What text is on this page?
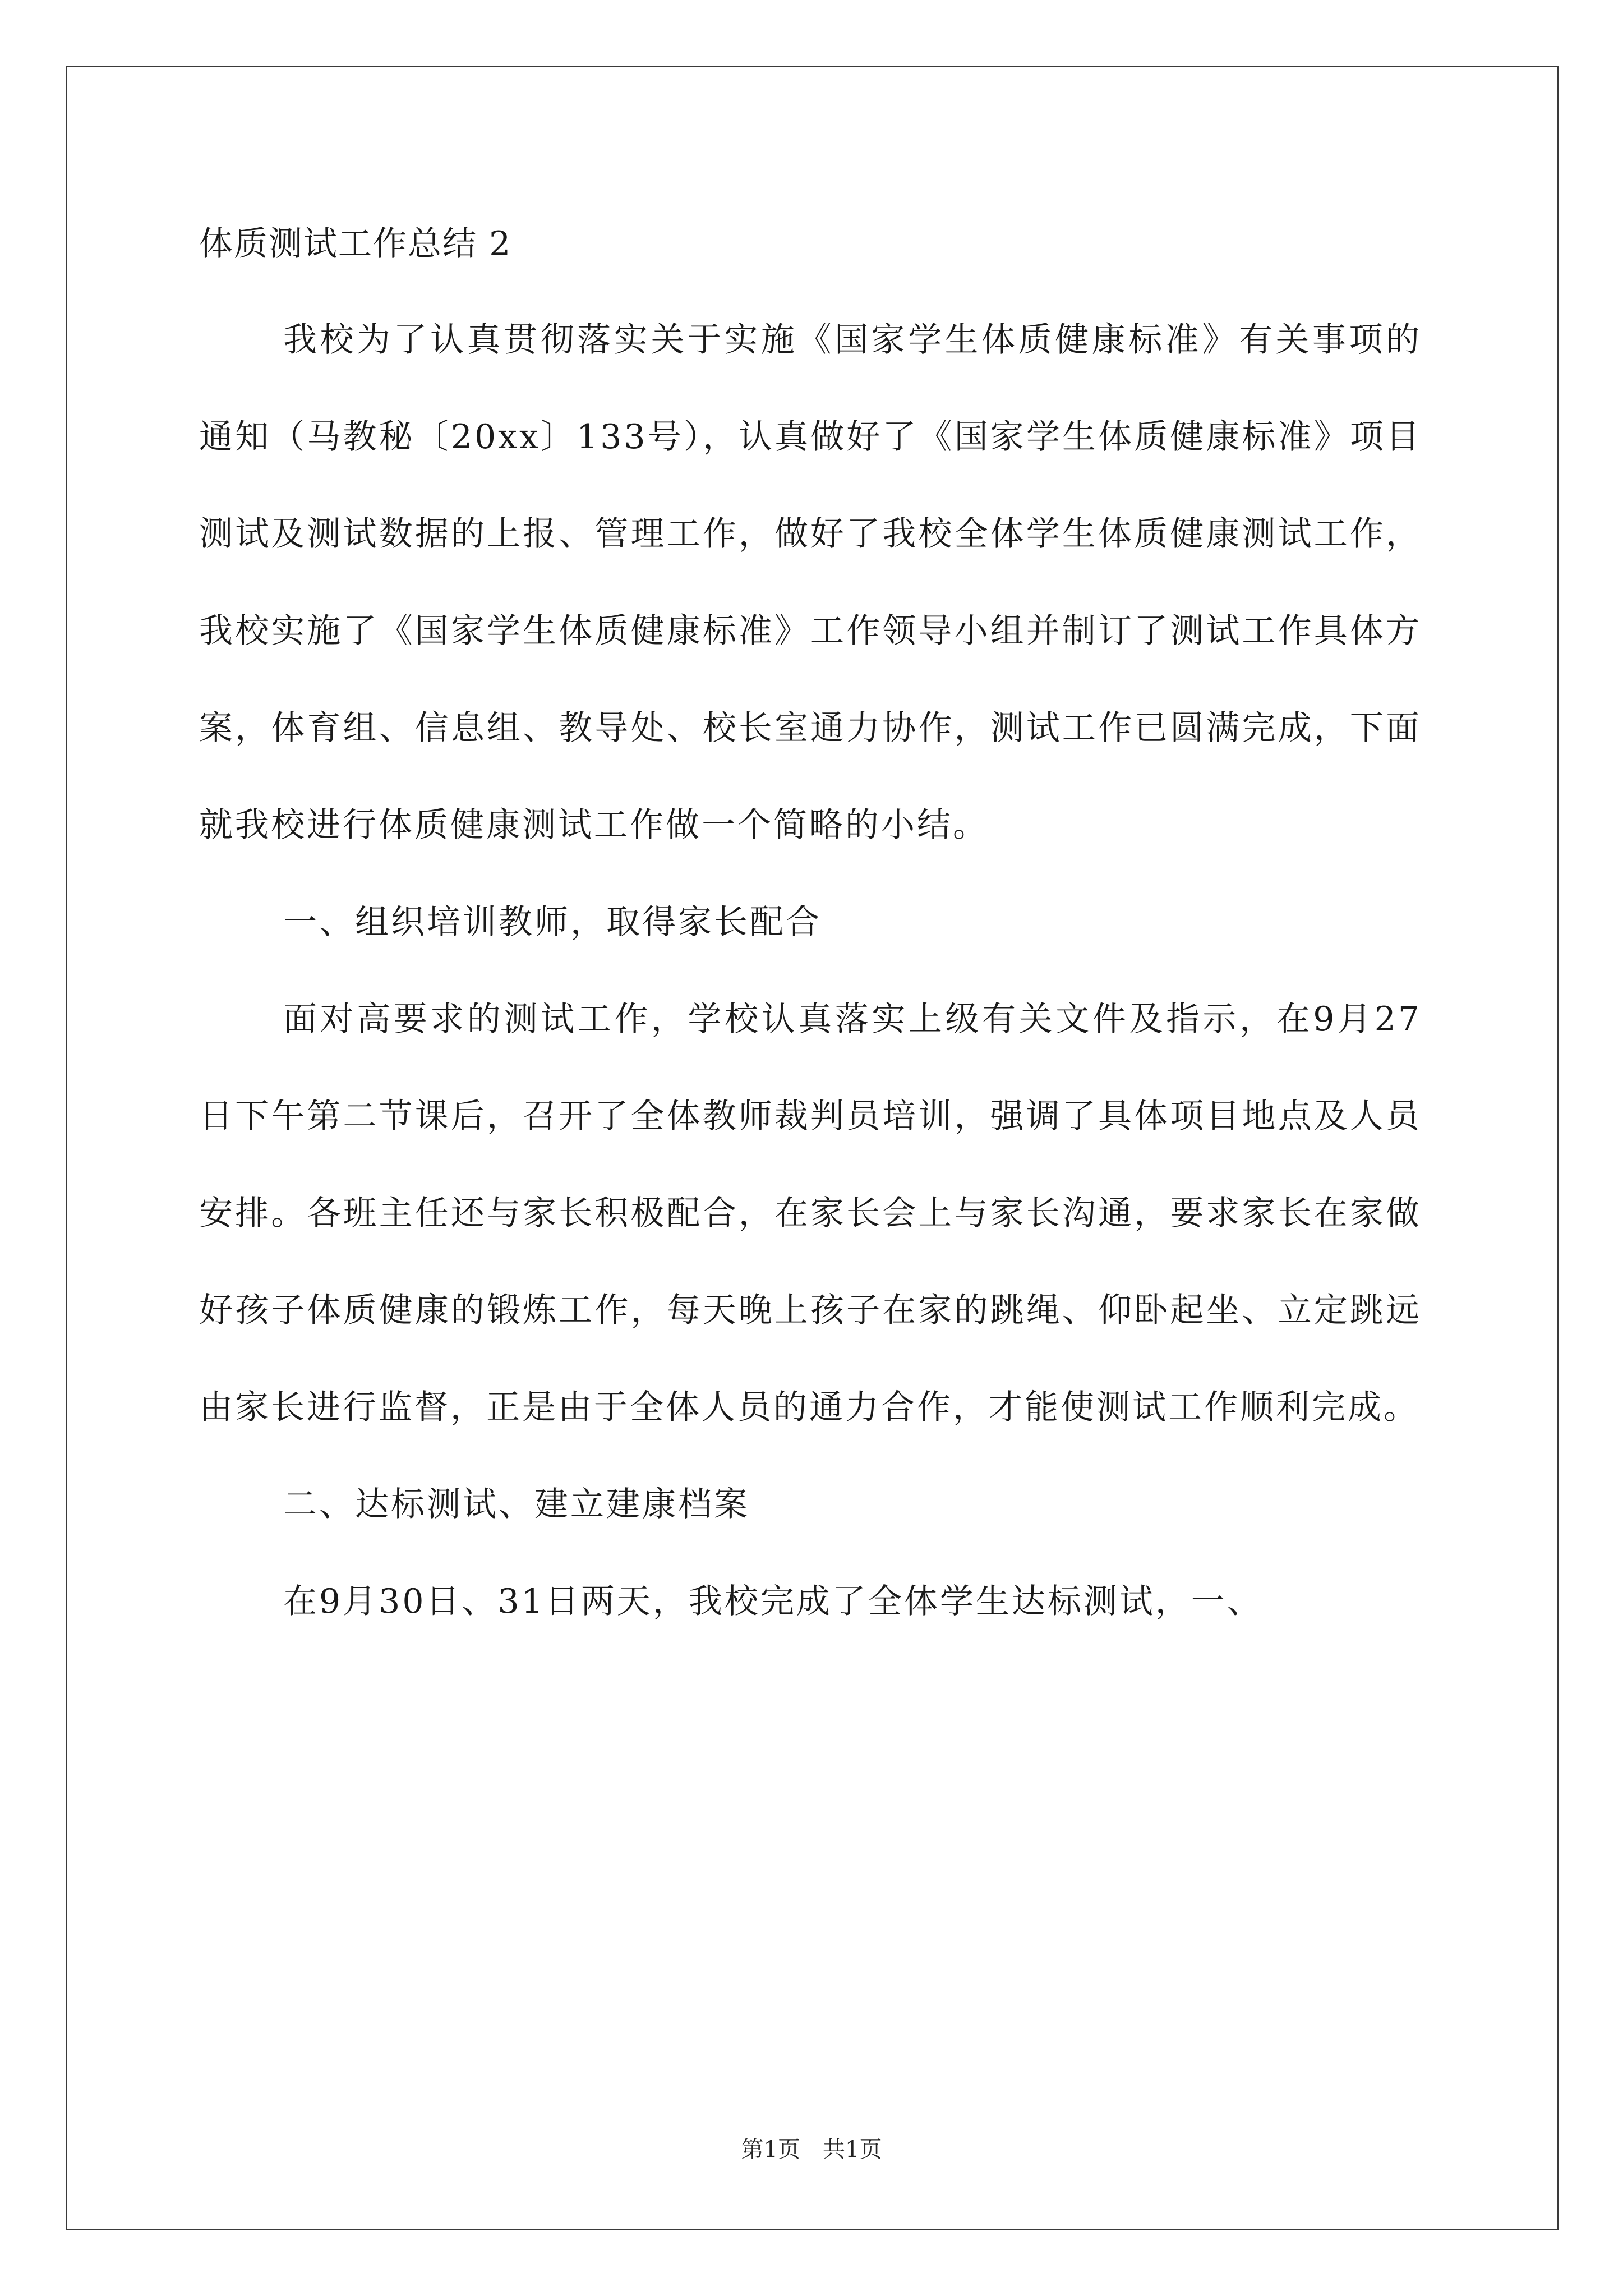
体质测试工作总结 2

我校为了认真贯彻落实关于实施《国家学生体质健康标准》有关事项的通知（马教秘〔20xx〕133号），认真做好了《国家学生体质健康标准》项目测试及测试数据的上报、管理工作，做好了我校全体学生体质健康测试工作，我校实施了《国家学生体质健康标准》工作领导小组并制订了测试工作具体方案，体育组、信息组、教导处、校长室通力协作，测试工作已圆满完成，下面就我校进行体质健康测试工作做一个简略的小结。

一、组织培训教师，取得家长配合

面对高要求的测试工作，学校认真落实上级有关文件及指示，在9月27日下午第二节课后，召开了全体教师裁判员培训，强调了具体项目地点及人员安排。各班主任还与家长积极配合，在家长会上与家长沟通，要求家长在家做好孩子体质健康的锻炼工作，每天晚上孩子在家的跳绳、仰卧起坐、立定跳远由家长进行监督，正是由于全体人员的通力合作，才能使测试工作顺利完成。

二、达标测试、建立建康档案

在9月30日、31日两天，我校完成了全体学生达标测试，一、

第1页　共1页
